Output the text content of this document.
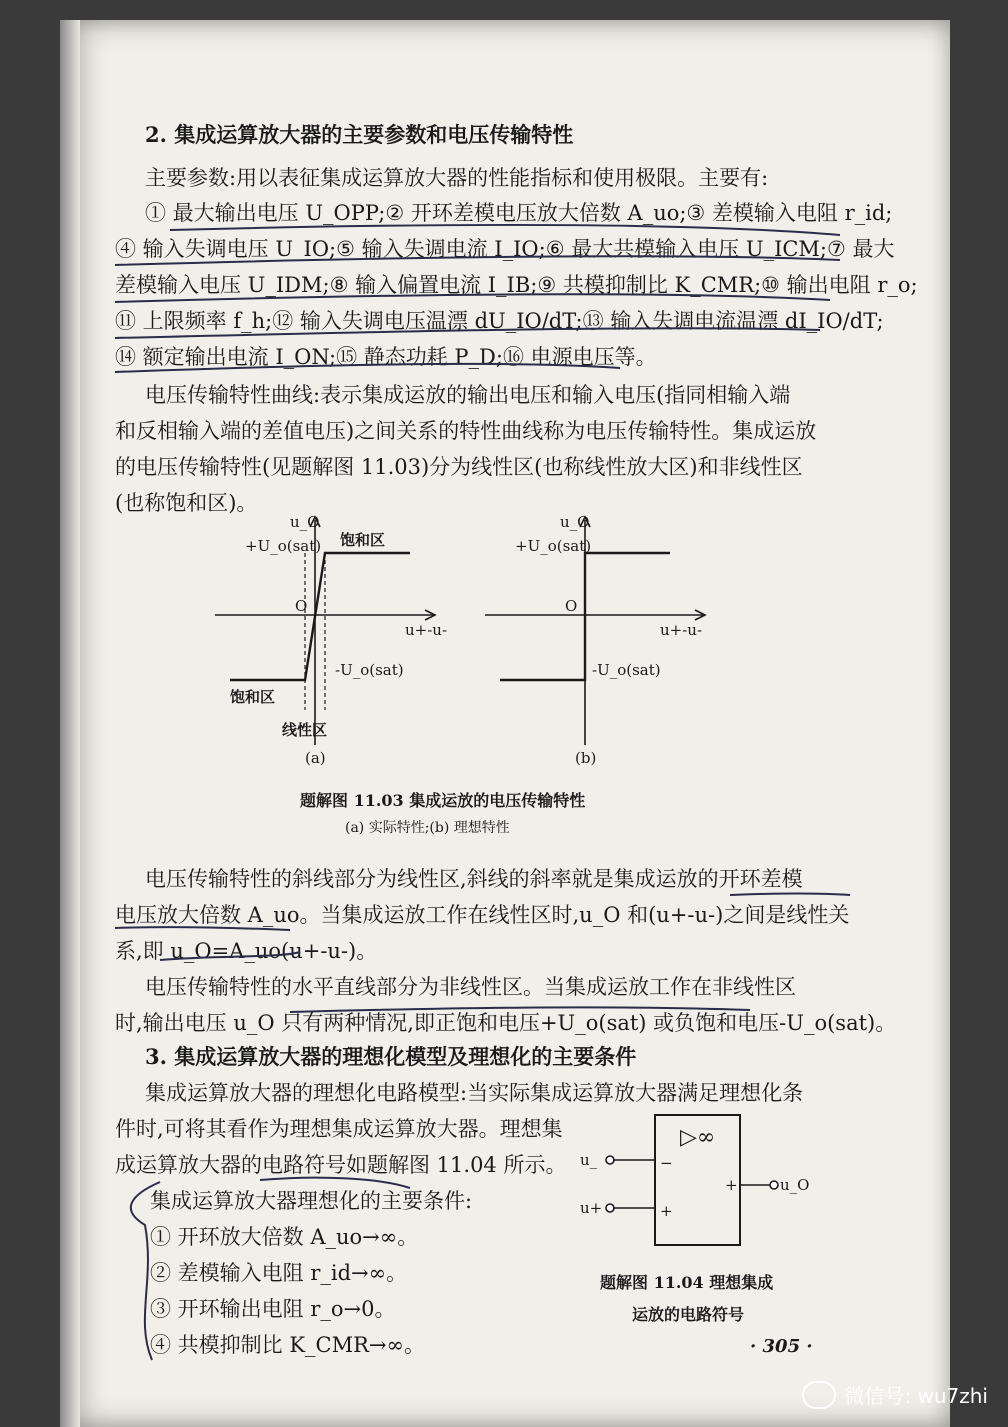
2. 集成运算放大器的主要参数和电压传输特性
主要参数:用以表征集成运算放大器的性能指标和使用极限。主要有:
① 最大输出电压 U_OPP;② 开环差模电压放大倍数 A_uo;③ 差模输入电阻 r_id;
④ 输入失调电压 U_IO;⑤ 输入失调电流 I_IO;⑥ 最大共模输入电压 U_ICM;⑦ 最大
差模输入电压 U_IDM;⑧ 输入偏置电流 I_IB;⑨ 共模抑制比 K_CMR;⑩ 输出电阻 r_o;
⑪ 上限频率 f_h;⑫ 输入失调电压温漂 dU_IO/dT;⑬ 输入失调电流温漂 dI_IO/dT;
⑭ 额定输出电流 I_ON;⑮ 静态功耗 P_D;⑯ 电源电压等。
电压传输特性曲线:表示集成运放的输出电压和输入电压(指同相输入端
和反相输入端的差值电压)之间关系的特性曲线称为电压传输特性。集成运放
的电压传输特性(见题解图 11.03)分为线性区(也称线性放大区)和非线性区
(也称饱和区)。
u_O
+U_o(sat) 饱和区
O
u+-u-
-U_o(sat)
饱和区
线性区
(a)
u_O
+U_o(sat)
O
u+-u-
-U_o(sat)
(b)
题解图 11.03 集成运放的电压传输特性
(a) 实际特性;(b) 理想特性
电压传输特性的斜线部分为线性区,斜线的斜率就是集成运放的开环差模
电压放大倍数 A_uo。当集成运放工作在线性区时,u_O 和(u+-u-)之间是线性关
系,即 u_O=A_uo(u+-u-)。
电压传输特性的水平直线部分为非线性区。当集成运放工作在非线性区
时,输出电压 u_O 只有两种情况,即正饱和电压+U_o(sat) 或负饱和电压-U_o(sat)。
3. 集成运算放大器的理想化模型及理想化的主要条件
集成运算放大器的理想化电路模型:当实际集成运算放大器满足理想化条
件时,可将其看作为理想集成运算放大器。理想集
成运算放大器的电路符号如题解图 11.04 所示。
集成运算放大器理想化的主要条件:
① 开环放大倍数 A_uo→∞。
② 差模输入电阻 r_id→∞。
③ 开环输出电阻 r_o→0。
④ 共模抑制比 K_CMR→∞。
u_
u+
−
+
+	u_O
▷∞
题解图 11.04 理想集成
运放的电路符号
· 305 ·
微信号: wu7zhi
